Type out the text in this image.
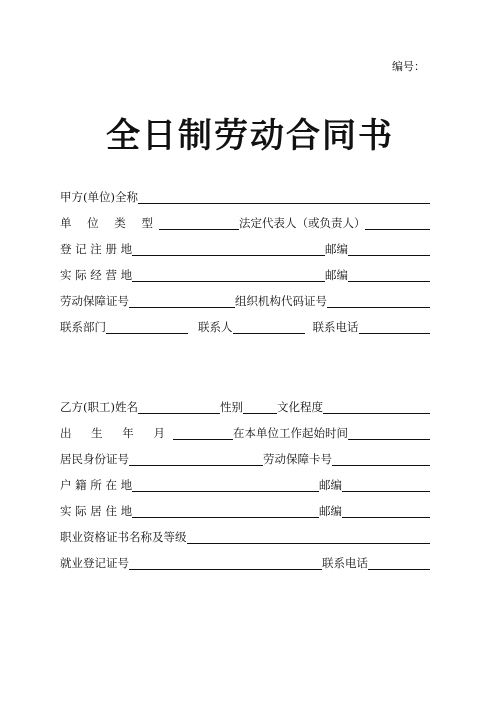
编号：
全日制劳动合同书
甲方(单位)全称
单 位 类 型	法定代表人（或负责人）
登 记 注 册 地	邮编
实 际 经 营 地	邮编
劳动保障证号	组织机构代码证号
联系部门	联系人	联系电话
乙方(职工)姓名	性别	文化程度
出 生 年 月	在本单位工作起始时间
居民身份证号	劳动保障卡号
户 籍 所 在 地	邮编
实 际 居 住 地	邮编
职业资格证书名称及等级
就业登记证号	联系电话
